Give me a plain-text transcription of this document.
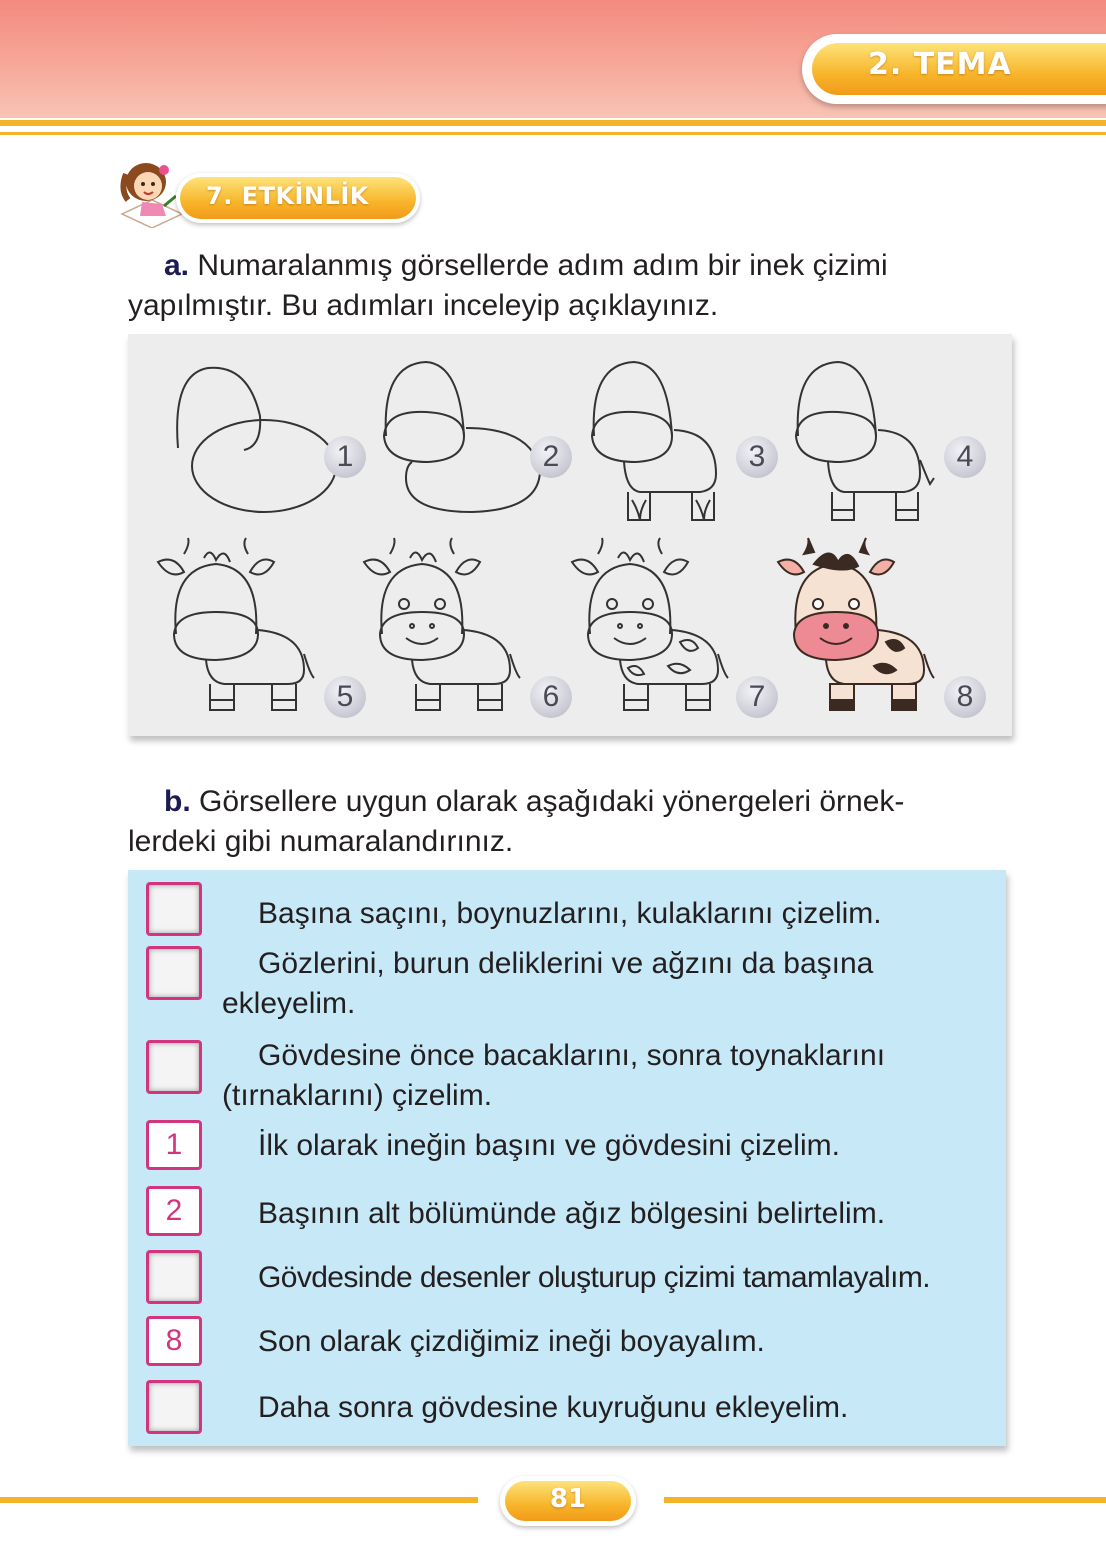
2. TEMA
7. ETKİNLİK
a. Numaralanmış görsellerde adım adım bir inek çizimi
yapılmıştır. Bu adımları inceleyip açıklayınız.
1	2	3	4
5	6	7	8
b. Görsellere uygun olarak aşağıdaki yönergeleri örnek-
lerdeki gibi numaralandırınız.
Başına saçını, boynuzlarını, kulaklarını çizelim.
Gözlerini, burun deliklerini ve ağzını da başına
ekleyelim.
Gövdesine önce bacaklarını, sonra toynaklarını
(tırnaklarını) çizelim.
1	İlk olarak ineğin başını ve gövdesini çizelim.
2	Başının alt bölümünde ağız bölgesini belirtelim.
Gövdesinde desenler oluşturup çizimi tamamlayalım.
8	Son olarak çizdiğimiz ineği boyayalım.
Daha sonra gövdesine kuyruğunu ekleyelim.
81
